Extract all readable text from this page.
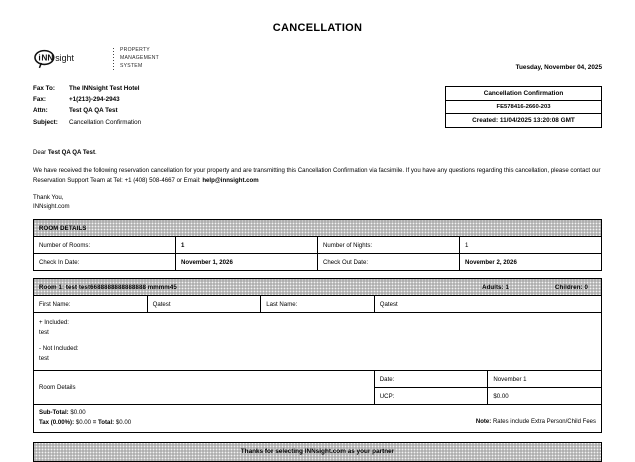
CANCELLATION
i NN sight
PROPERTY
MANAGEMENT
SYSTEM	Tuesday, November 04, 2025
Fax To:	The INNsight Test Hotel
Fax:	+1(213)-294-2943
Attn:	Test QA QA Test
Subject:	Cancellation Confirmation
Cancellation Confirmation
FE578416-2660-203
Created: 11/04/2025 13:20:08 GMT

Dear Test QA QA Test.

We have received the following reservation cancellation for your property and are transmitting this Cancellation Confirmation via facsimile. If you have any questions regarding this cancellation, please contact our Reservation Support Team at Tel: +1 (408) 508-4667 or Email: help@innsight.com

Thank You,

INNsight.com

ROOM DETAILS			
Number of Rooms:	1	Number of Nights:	1
Check In Date:	November 1, 2026	Check Out Date:	November 2, 2026
Room 1: test test6688888888888888 mmmm45 Adults: 1 Children: 0				

First Name:	Qatest	Last Name:	Qatest	

+ Included:
test
- Not Included:
test				

Room Details			Date:	November 1
			UCP:	$0.00

Sub-Total: $0.00
Tax (0.00%): $0.00 = Total: $0.00 Note: Rates include Extra Person/Child Fees				
Thanks for selecting INNsight.com as your partner
